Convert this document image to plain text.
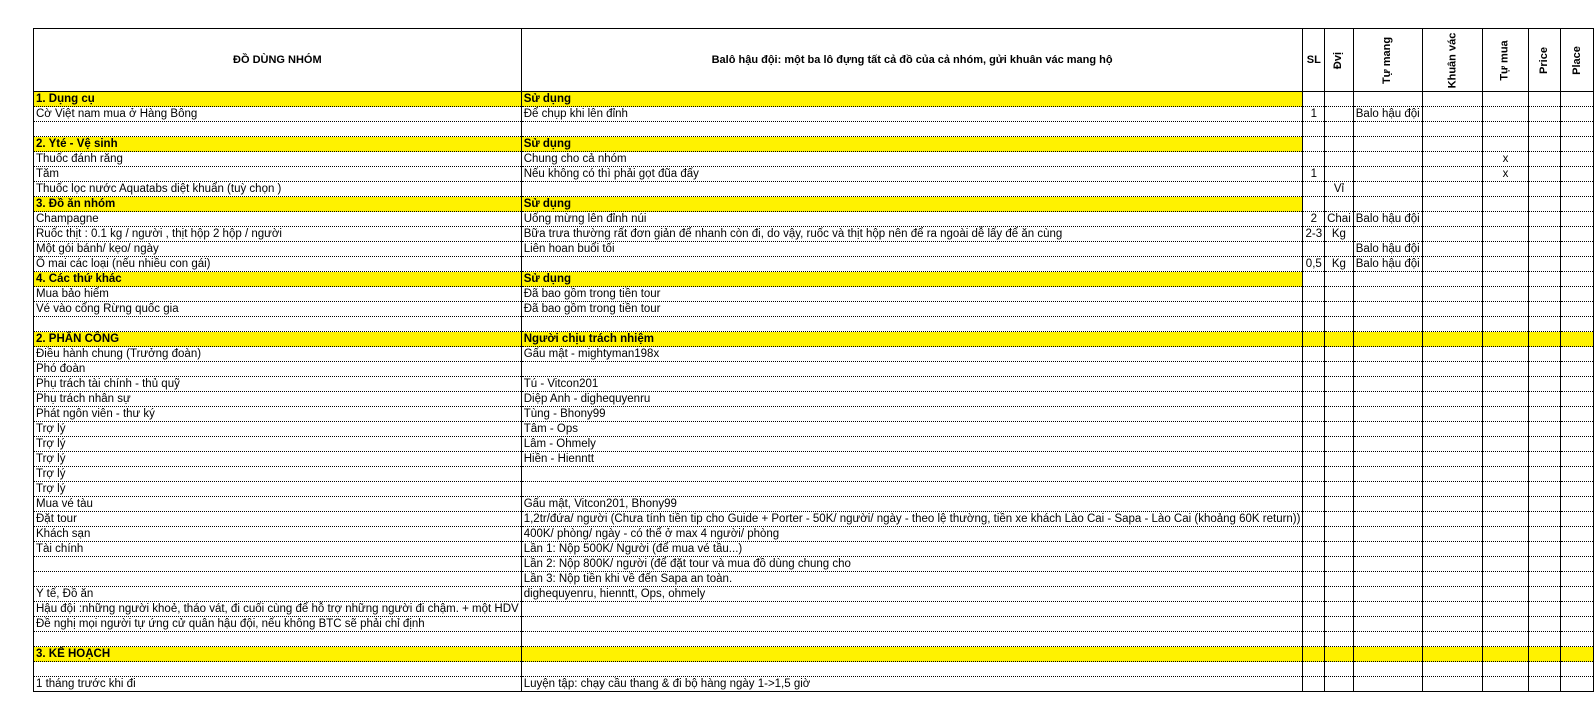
ĐỒ DÙNG NHÓM	Balô hậu đội: một ba lô đựng tất cả đồ của cả nhóm, gửi khuân vác mang hộ	SL	Đvị	Tự mang	Khuân vác	Tự mua	Price	Place
1. Dụng cụ	Sử dụng							
Cờ Việt nam mua ở Hàng Bông	Để chụp khi lên đỉnh	1		Balo hậu đội				

2. Yté - Vệ sinh	Sử dụng							
Thuốc đánh răng	Chung cho cả nhóm					x		
Tăm	Nếu không có thì phải gọt đũa đấy	1				x		
Thuốc lọc nước Aquatabs diệt khuẩn (tuỳ chọn )			Vỉ					
3. Đồ ăn nhóm	Sử dụng							
Champagne	Uống mừng lên đỉnh núi	2	Chai	Balo hậu đội				
Ruốc thịt : 0.1 kg / người , thịt hộp 2 hộp / người	Bữa trưa thường rất đơn giản để nhanh còn đi, do vậy, ruốc và thịt hộp nên để ra ngoài dễ lấy để ăn cùng	2-3	Kg					
Một gói bánh/ kẹo/ ngày	Liên hoan buổi tối			Balo hậu đội				
Ô mai các loại (nếu nhiều con gái)		0,5	Kg	Balo hậu đội				
4. Các thứ khác	Sử dụng							
Mua bảo hiểm	Đã bao gồm trong tiền tour							
Vé vào cổng Rừng quốc gia	Đã bao gồm trong tiền tour							

2. PHÂN CÔNG	Người chịu trách nhiệm							
Điều hành chung (Trưởng đoàn)	Gấu mật - mightyman198x							
Phó đoàn								
Phụ trách tài chính - thủ quỹ	Tú - Vitcon201							
Phụ trách nhân sự	Diệp Anh - dighequyenru							
Phát ngôn viên - thư ký	Tùng - Bhony99							
Trợ lý	Tâm - Ops							
Trợ lý	Lâm - Ohmely							
Trợ lý	Hiền - Hienntt							
Trợ lý								
Trợ lý								
Mua vé tàu	Gấu mật, Vitcon201, Bhony99							
Đặt tour	1,2tr/đứa/ người (Chưa tính tiền tip cho Guide + Porter - 50K/ người/ ngày - theo lệ thường, tiền xe khách Lào Cai - Sapa - Lào Cai (khoảng 60K return))							
Khách sạn	400K/ phòng/ ngày - có thể ở max 4 người/ phòng							
Tài chính	Lần 1: Nộp 500K/ Người (để mua vé tầu...)							
	Lần 2: Nộp 800K/ người (để đặt tour và mua đồ dùng chung cho							
	Lần 3: Nộp tiền khi về đến Sapa an toàn.							
Y tế, Đồ ăn	dighequyenru, hienntt, Ops, ohmely							
Hậu đội :những người khoẻ, tháo vát, đi cuối cùng để hỗ trợ những người đi chậm. + một HDV								
Đề nghị mọi người tự ứng cử quân hậu đội, nếu không BTC sẽ phải chỉ định								

3. KẾ HOẠCH								

1 tháng trước khi đi	Luyện tập: chạy cầu thang & đi bộ hàng ngày 1->1,5 giờ							
